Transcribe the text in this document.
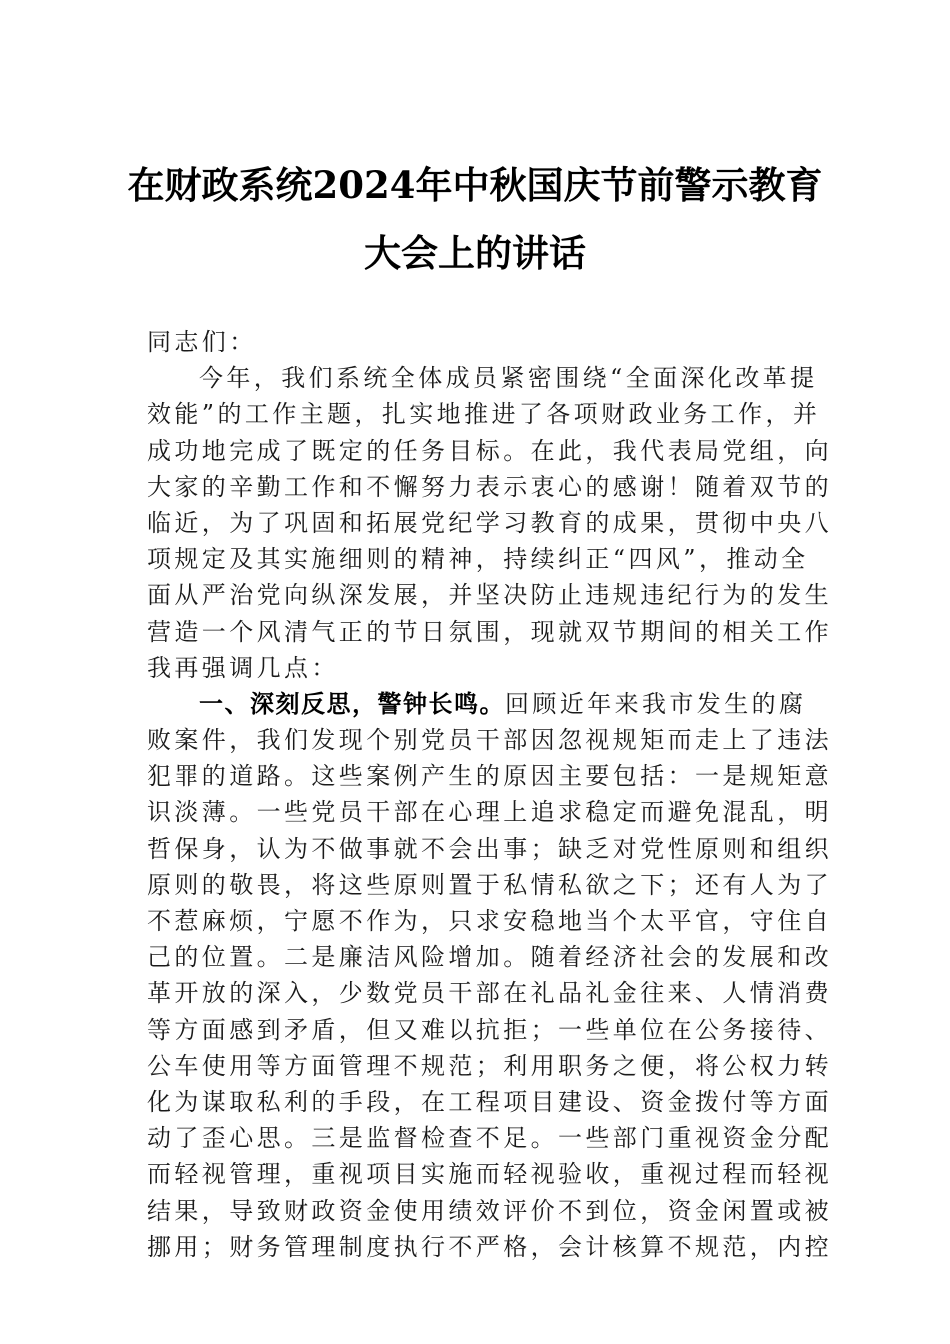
在财政系统2024年中秋国庆节前警示教育
大会上的讲话
同志们：
今年，我们系统全体成员紧密围绕“全面深化改革提
效能”的工作主题，扎实地推进了各项财政业务工作，并
成功地完成了既定的任务目标。在此，我代表局党组，向
大家的辛勤工作和不懈努力表示衷心的感谢！随着双节的
临近，为了巩固和拓展党纪学习教育的成果，贯彻中央八
项规定及其实施细则的精神，持续纠正“四风”，推动全
面从严治党向纵深发展，并坚决防止违规违纪行为的发生
营造一个风清气正的节日氛围，现就双节期间的相关工作
我再强调几点：
一、深刻反思，警钟长鸣。回顾近年来我市发生的腐
败案件，我们发现个别党员干部因忽视规矩而走上了违法
犯罪的道路。这些案例产生的原因主要包括：一是规矩意
识淡薄。一些党员干部在心理上追求稳定而避免混乱，明
哲保身，认为不做事就不会出事；缺乏对党性原则和组织
原则的敬畏，将这些原则置于私情私欲之下；还有人为了
不惹麻烦，宁愿不作为，只求安稳地当个太平官，守住自
己的位置。二是廉洁风险增加。随着经济社会的发展和改
革开放的深入，少数党员干部在礼品礼金往来、人情消费
等方面感到矛盾，但又难以抗拒；一些单位在公务接待、
公车使用等方面管理不规范；利用职务之便，将公权力转
化为谋取私利的手段，在工程项目建设、资金拨付等方面
动了歪心思。三是监督检查不足。一些部门重视资金分配
而轻视管理，重视项目实施而轻视验收，重视过程而轻视
结果，导致财政资金使用绩效评价不到位，资金闲置或被
挪用；财务管理制度执行不严格，会计核算不规范，内控
